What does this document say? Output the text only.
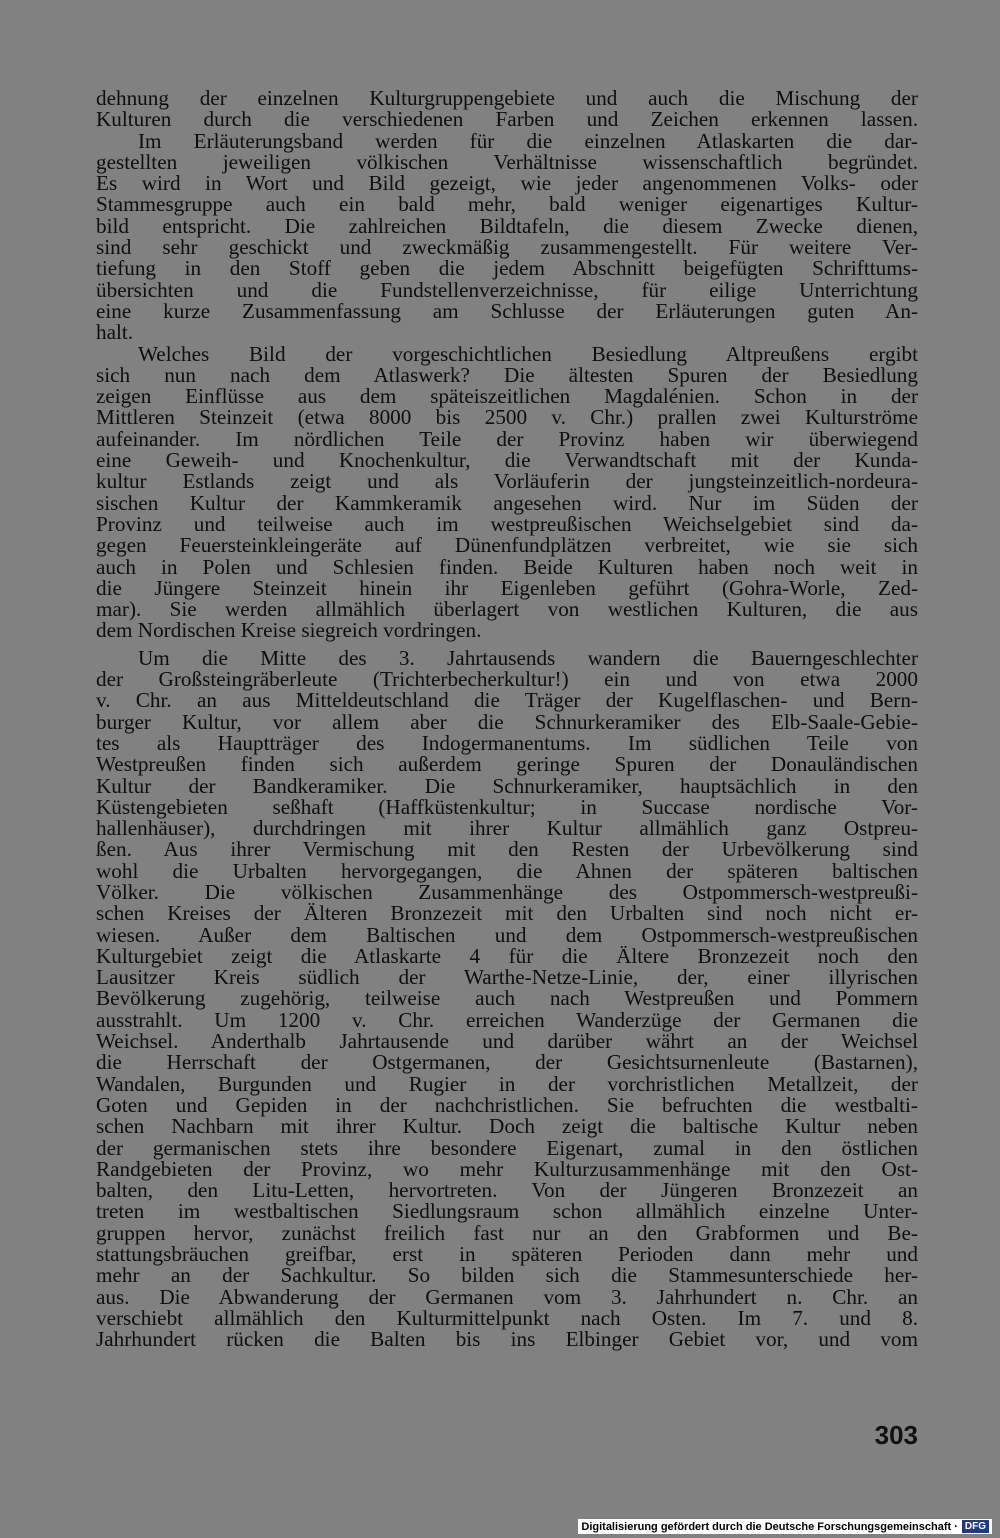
dehnung der einzelnen Kulturgruppengebiete und auch die Mischung der
Kulturen durch die verschiedenen Farben und Zeichen erkennen lassen.
Im Erläuterungsband werden für die einzelnen Atlaskarten die dar-
gestellten jeweiligen völkischen Verhältnisse wissenschaftlich begründet.
Es wird in Wort und Bild gezeigt, wie jeder angenommenen Volks- oder
Stammesgruppe auch ein bald mehr, bald weniger eigenartiges Kultur-
bild entspricht. Die zahlreichen Bildtafeln, die diesem Zwecke dienen,
sind sehr geschickt und zweckmäßig zusammengestellt. Für weitere Ver-
tiefung in den Stoff geben die jedem Abschnitt beigefügten Schrifttums-
übersichten und die Fundstellenverzeichnisse, für eilige Unterrichtung
eine kurze Zusammenfassung am Schlusse der Erläuterungen guten An-
halt.
Welches Bild der vorgeschichtlichen Besiedlung Altpreußens ergibt
sich nun nach dem Atlaswerk? Die ältesten Spuren der Besiedlung
zeigen Einflüsse aus dem späteiszeitlichen Magdalénien. Schon in der
Mittleren Steinzeit (etwa 8000 bis 2500 v. Chr.) prallen zwei Kulturströme
aufeinander. Im nördlichen Teile der Provinz haben wir überwiegend
eine Geweih- und Knochenkultur, die Verwandtschaft mit der Kunda-
kultur Estlands zeigt und als Vorläuferin der jungsteinzeitlich-nordeura-
sischen Kultur der Kammkeramik angesehen wird. Nur im Süden der
Provinz und teilweise auch im westpreußischen Weichselgebiet sind da-
gegen Feuersteinkleingeräte auf Dünenfundplätzen verbreitet, wie sie sich
auch in Polen und Schlesien finden. Beide Kulturen haben noch weit in
die Jüngere Steinzeit hinein ihr Eigenleben geführt (Gohra-Worle, Zed-
mar). Sie werden allmählich überlagert von westlichen Kulturen, die aus
dem Nordischen Kreise siegreich vordringen.
Um die Mitte des 3. Jahrtausends wandern die Bauerngeschlechter
der Großsteingräberleute (Trichterbecherkultur!) ein und von etwa 2000
v. Chr. an aus Mitteldeutschland die Träger der Kugelflaschen- und Bern-
burger Kultur, vor allem aber die Schnurkeramiker des Elb-Saale-Gebie-
tes als Hauptträger des Indogermanentums. Im südlichen Teile von
Westpreußen finden sich außerdem geringe Spuren der Donauländischen
Kultur der Bandkeramiker. Die Schnurkeramiker, hauptsächlich in den
Küstengebieten seßhaft (Haffküstenkultur; in Succase nordische Vor-
hallenhäuser), durchdringen mit ihrer Kultur allmählich ganz Ostpreu-
ßen. Aus ihrer Vermischung mit den Resten der Urbevölkerung sind
wohl die Urbalten hervorgegangen, die Ahnen der späteren baltischen
Völker. Die völkischen Zusammenhänge des Ostpommersch-westpreußi-
schen Kreises der Älteren Bronzezeit mit den Urbalten sind noch nicht er-
wiesen. Außer dem Baltischen und dem Ostpommersch-westpreußischen
Kulturgebiet zeigt die Atlaskarte 4 für die Ältere Bronzezeit noch den
Lausitzer Kreis südlich der Warthe-Netze-Linie, der, einer illyrischen
Bevölkerung zugehörig, teilweise auch nach Westpreußen und Pommern
ausstrahlt. Um 1200 v. Chr. erreichen Wanderzüge der Germanen die
Weichsel. Anderthalb Jahrtausende und darüber währt an der Weichsel
die Herrschaft der Ostgermanen, der Gesichtsurnenleute (Bastarnen),
Wandalen, Burgunden und Rugier in der vorchristlichen Metallzeit, der
Goten und Gepiden in der nachchristlichen. Sie befruchten die westbalti-
schen Nachbarn mit ihrer Kultur. Doch zeigt die baltische Kultur neben
der germanischen stets ihre besondere Eigenart, zumal in den östlichen
Randgebieten der Provinz, wo mehr Kulturzusammenhänge mit den Ost-
balten, den Litu-Letten, hervortreten. Von der Jüngeren Bronzezeit an
treten im westbaltischen Siedlungsraum schon allmählich einzelne Unter-
gruppen hervor, zunächst freilich fast nur an den Grabformen und Be-
stattungsbräuchen greifbar, erst in späteren Perioden dann mehr und
mehr an der Sachkultur. So bilden sich die Stammesunterschiede her-
aus. Die Abwanderung der Germanen vom 3. Jahrhundert n. Chr. an
verschiebt allmählich den Kulturmittelpunkt nach Osten. Im 7. und 8.
Jahrhundert rücken die Balten bis ins Elbinger Gebiet vor, und vom
303
Digitalisierung gefördert durch die Deutsche Forschungsgemeinschaft · DFG
